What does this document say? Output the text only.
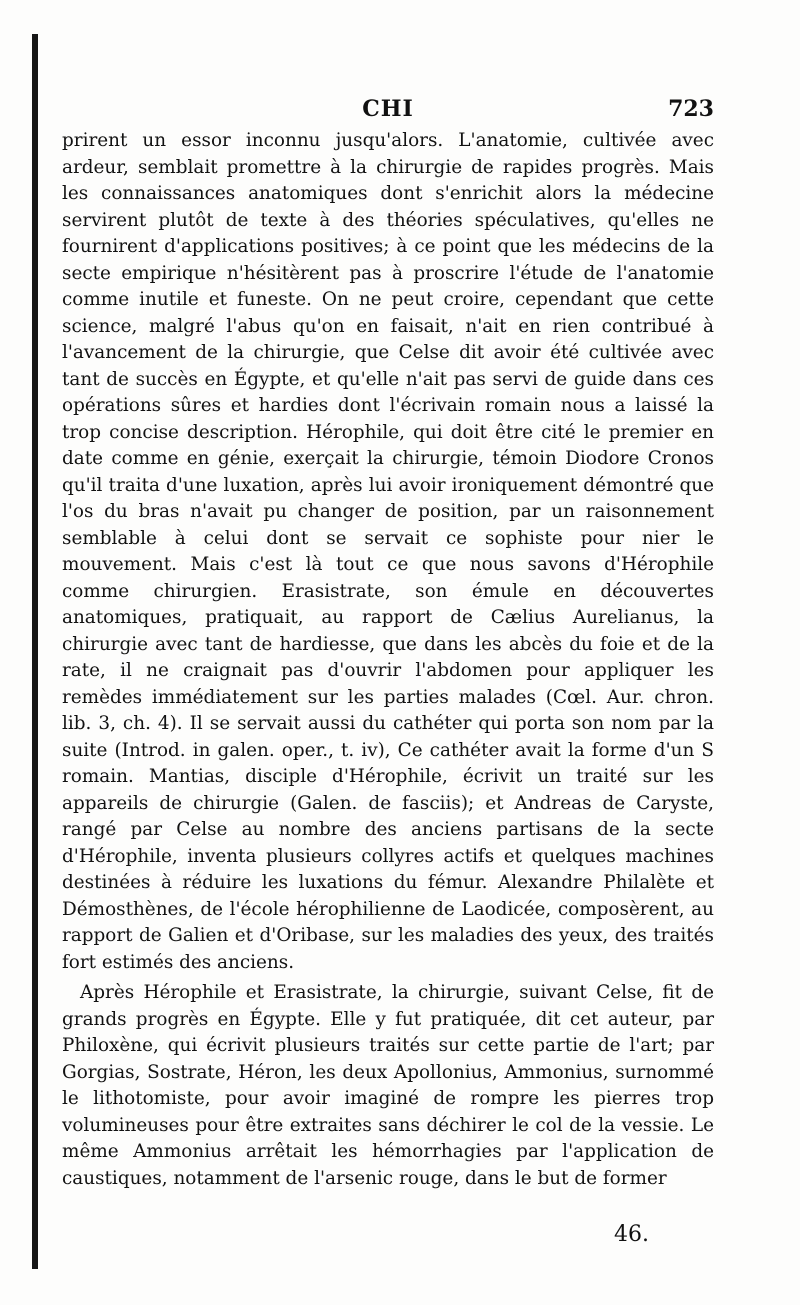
CHI	723

prirent un essor inconnu jusqu'alors. L'anatomie, cultivée avec ardeur, semblait promettre à la chirurgie de rapides progrès. Mais les connaissances anatomiques dont s'enrichit alors la médecine servirent plutôt de texte à des théories spéculatives, qu'elles ne fournirent d'applications positives; à ce point que les médecins de la secte empirique n'hésitèrent pas à proscrire l'étude de l'anatomie comme inutile et funeste. On ne peut croire, cependant que cette science, malgré l'abus qu'on en faisait, n'ait en rien contribué à l'avancement de la chirurgie, que Celse dit avoir été cultivée avec tant de succès en Égypte, et qu'elle n'ait pas servi de guide dans ces opérations sûres et hardies dont l'écrivain romain nous a laissé la trop concise description. Hérophile, qui doit être cité le premier en date comme en génie, exerçait la chirurgie, témoin Diodore Cronos qu'il traita d'une luxation, après lui avoir ironiquement démontré que l'os du bras n'avait pu changer de position, par un raisonnement semblable à celui dont se servait ce sophiste pour nier le mouvement. Mais c'est là tout ce que nous savons d'Hérophile comme chirurgien. Erasistrate, son émule en découvertes anatomiques, pratiquait, au rapport de Cælius Aurelianus, la chirurgie avec tant de hardiesse, que dans les abcès du foie et de la rate, il ne craignait pas d'ouvrir l'abdomen pour appliquer les remèdes immédiatement sur les parties malades (Cœl. Aur. chron. lib. 3, ch. 4). Il se servait aussi du cathéter qui porta son nom par la suite (Introd. in galen. oper., t. iv), Ce cathéter avait la forme d'un S romain. Mantias, disciple d'Hérophile, écrivit un traité sur les appareils de chirurgie (Galen. de fasciis); et Andreas de Caryste, rangé par Celse au nombre des anciens partisans de la secte d'Hérophile, inventa plusieurs collyres actifs et quelques machines destinées à réduire les luxations du fémur. Alexandre Philalète et Démosthènes, de l'école hérophilienne de Laodicée, composèrent, au rapport de Galien et d'Oribase, sur les maladies des yeux, des traités fort estimés des anciens.

Après Hérophile et Erasistrate, la chirurgie, suivant Celse, fit de grands progrès en Égypte. Elle y fut pratiquée, dit cet auteur, par Philoxène, qui écrivit plusieurs traités sur cette partie de l'art; par Gorgias, Sostrate, Héron, les deux Apollonius, Ammonius, surnommé le lithotomiste, pour avoir imaginé de rompre les pierres trop volumineuses pour être extraites sans déchirer le col de la vessie. Le même Ammonius arrêtait les hémorrhagies par l'application de caustiques, notamment de l'arsenic rouge, dans le but de former

46.
